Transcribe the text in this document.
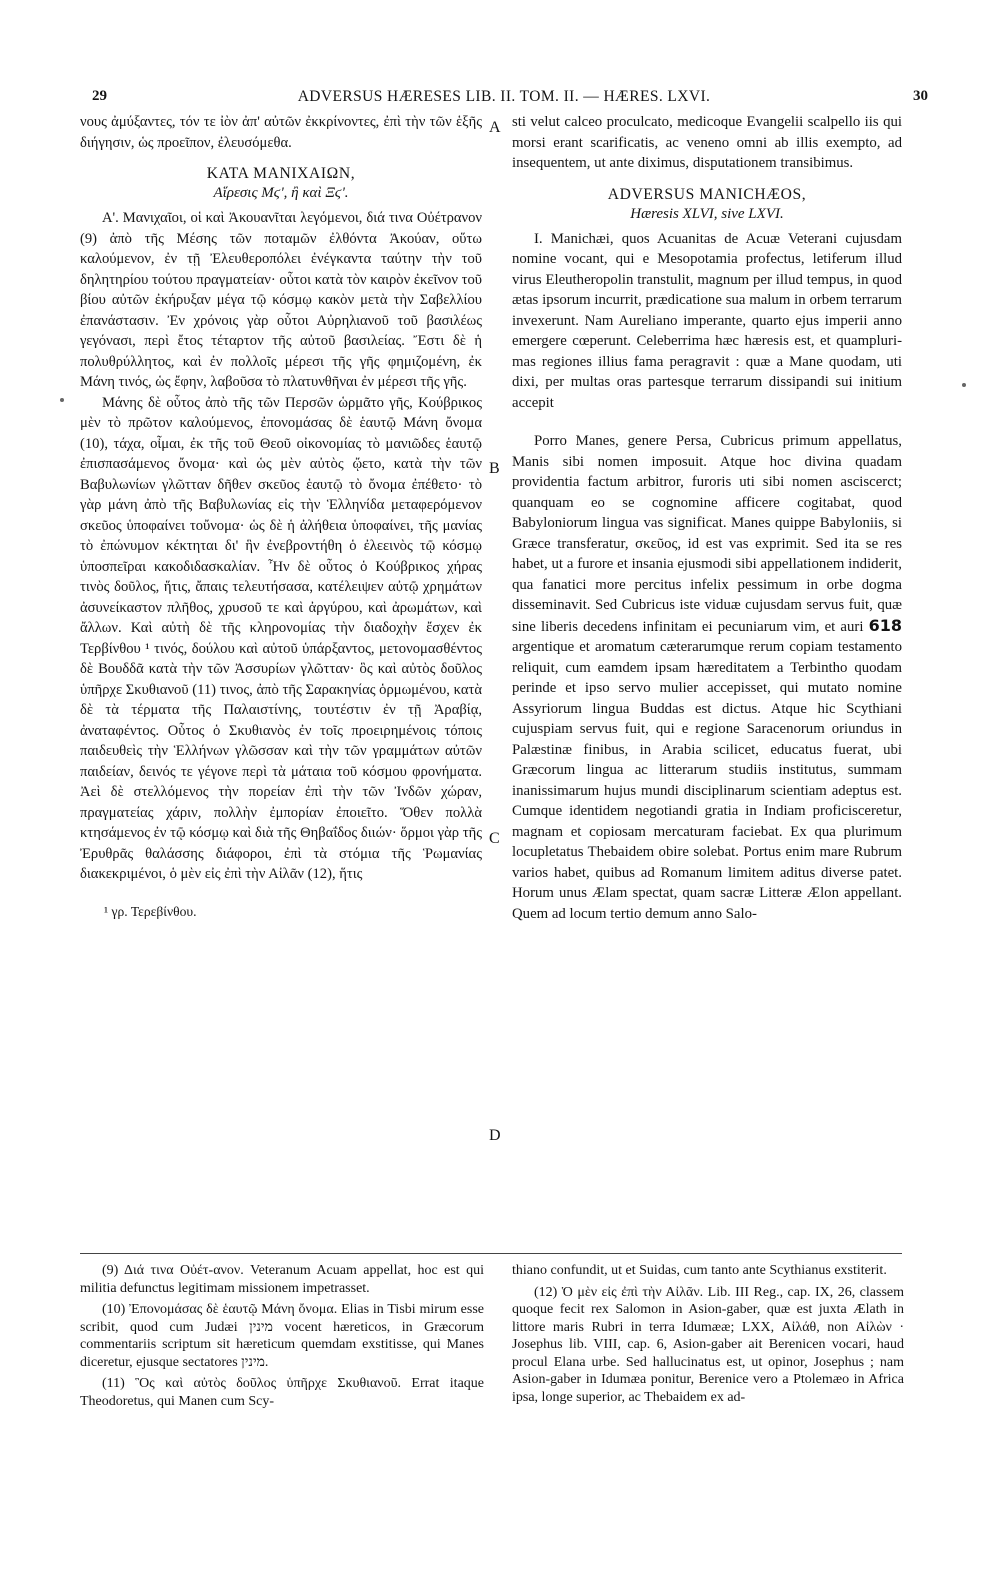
29	ADVERSUS HÆRESES LIB. II. TOM. II. — HÆRES. LXVI.	30

νους ἀμύξαντες, τόν τε ἰὸν ἀπ' αὐτῶν ἐκκρίνοντες, ἐπὶ τὴν τῶν ἑξῆς διήγησιν, ὡς προεῖπον, ἐλευσόμεθα.

ΚΑΤΑ ΜΑΝΙΧΑΙΩΝ,
Αἵρεσις Μϛ', ἢ καὶ Ξϛ'.

Α'. Μανιχαῖοι, οἱ καὶ Ἀκουανῖται λεγόμενοι, διά τινα Οὐέτρανον (9) ἀπὸ τῆς Μέσης τῶν ποταμῶν ἐλθόντα Ἀκούαν, οὕτω καλούμενον, ἐν τῇ Ἐλευθεροπόλει ἐνέγκαντα ταύτην τὴν τοῦ δηλητηρίου τούτου πραγματείαν· οὗτοι κατὰ τὸν καιρὸν ἐκεῖνον τοῦ βίου αὐτῶν ἐκήρυξαν μέγα τῷ κόσμῳ κακὸν μετὰ τὴν Σαβελλίου ἐπανάστασιν. Ἐν χρόνοις γὰρ οὗτοι Αὐρηλιανοῦ τοῦ βασιλέως γεγόνασι, περὶ ἔτος τέταρτον τῆς αὐτοῦ βασιλείας. Ἔστι δὲ ἡ πολυθρύλλητος, καὶ ἐν πολλοῖς μέρεσι τῆς γῆς φημιζομένη, ἐκ Μάνη τινός, ὡς ἔφην, λαβοῦσα τὸ πλατυνθῆναι ἐν μέρεσι τῆς γῆς.

Μάνης δὲ οὗτος ἀπὸ τῆς τῶν Περσῶν ὡρμᾶτο γῆς, Κούβρικος μὲν τὸ πρῶτον καλούμενος, ἐπονομάσας δὲ ἑαυτῷ Μάνη ὄνομα (10), τάχα, οἶμαι, ἐκ τῆς τοῦ Θεοῦ οἰκονομίας τὸ μανιῶδες ἑαυτῷ ἐπισπασάμενος ὄνομα· καὶ ὡς μὲν αὐτὸς ᾤετο, κατὰ τὴν τῶν Βαβυλωνίων γλῶτταν δῆθεν σκεῦος ἑαυτῷ τὸ ὄνομα ἐπέθετο· τὸ γὰρ μάνη ἀπὸ τῆς Βαβυλωνίας εἰς τὴν Ἑλληνίδα μεταφερόμενον σκεῦος ὑποφαίνει τοὔνομα· ὡς δὲ ἡ ἀλήθεια ὑποφαίνει, τῆς μανίας τὸ ἐπώνυμον κέκτηται δι' ἣν ἐνεβροντήθη ὁ ἐλεεινὸς τῷ κόσμῳ ὑποσπεῖραι κακοδιδασκαλίαν. Ἦν δὲ οὗτος ὁ Κούβρικος χήρας τινὸς δοῦλος, ἥτις, ἄπαις τελευτήσασα, κατέλειψεν αὐτῷ χρημάτων ἀσυνείκαστον πλῆθος, χρυσοῦ τε καὶ ἀργύρου, καὶ ἀρωμάτων, καὶ ἄλλων. Καὶ αὐτὴ δὲ τῆς κληρονομίας τὴν διαδοχὴν ἔσχεν ἐκ Τερβίνθου ¹ τινός, δούλου καὶ αὐτοῦ ὑπάρξαντος, μετονομασθέντος δὲ Βουδδᾶ κατὰ τὴν τῶν Ἀσσυρίων γλῶτταν· ὃς καὶ αὐτὸς δοῦλος ὑπῆρχε Σκυθιανοῦ (11) τινος, ἀπὸ τῆς Σαρακηνίας ὁρμωμένου, κατὰ δὲ τὰ τέρματα τῆς Παλαιστίνης, τουτέστιν ἐν τῇ Ἀραβίᾳ, ἀναταφέντος. Οὗτος ὁ Σκυθιανὸς ἐν τοῖς προειρημένοις τόποις παιδευθεὶς τὴν Ἑλλήνων γλῶσσαν καὶ τὴν τῶν γραμμάτων αὐτῶν παιδείαν, δεινός τε γέγονε περὶ τὰ μάταια τοῦ κόσμου φρονήματα. Ἀεὶ δὲ στελλόμενος τὴν πορείαν ἐπὶ τὴν τῶν Ἰνδῶν χώραν, πραγματείας χάριν, πολλὴν ἐμπορίαν ἐποιεῖτο. Ὅθεν πολλὰ κτησάμενος ἐν τῷ κόσμῳ καὶ διὰ τῆς Θηβαΐδος διιών· ὅρμοι γὰρ τῆς Ἐρυθρᾶς θαλάσσης διάφοροι, ἐπὶ τὰ στόμια τῆς Ῥωμανίας διακεκριμένοι, ὁ μὲν εἰς ἐπὶ τὴν Αἰλᾶν (12), ἥτις

¹ γρ. Τερεβίνθου.

sti velut calceo proculcato, medicoque Evangelii scalpello iis qui morsi erant scarificatis, ac veneno omni ab illis exempto, ad insequentem, ut ante diximus, disputationem transibimus.

ADVERSUS MANICHÆOS,
Hæresis XLVI, sive LXVI.

I. Manichæi, quos Acuanitas de Acuæ Veterani cujusdam nomine vocant, qui e Mesopotamia profectus, letiferum illud virus Eleutheropolin transtulit, magnum per illud tempus, in quod ætas ipsorum incurrit, prædicatione sua malum in orbem terrarum invexerunt. Nam Aureliano imperante, quarto ejus imperii anno emergere cœperunt. Celeberrima hæc hæresis est, et quamplurimas regiones illius fama peragravit : quæ a Mane quodam, uti dixi, per multas oras partesque terrarum dissipandi sui initium accepit

Porro Manes, genere Persa, Cubricus primum appellatus, Manis sibi nomen imposuit. Atque hoc divina quadam providentia factum arbitror, furoris uti sibi nomen asciscerct; quanquam eo se cognomine afficere cogitabat, quod Babyloniorum lingua vas significat. Manes quippe Babyloniis, si Græce transferatur, σκεῦος, id est vas exprimit. Sed ita se res habet, ut a furore et insania ejusmodi sibi appellationem indiderit, qua fanatici more percitus infelix pessimum in orbe dogma disseminavit. Sed Cubricus iste viduæ cujusdam servus fuit, quæ sine liberis decedens infinitam ei pecuniarum vim, et auri 618 argentique et aromatum cæterarumque rerum copiam testamento reliquit, cum eamdem ipsam hæreditatem a Terbintho quodam perinde et ipso servo mulier accepisset, qui mutato nomine Assyriorum lingua Buddas est dictus. Atque hic Scythiani cujuspiam servus fuit, qui e regione Saracenorum oriundus in Palæstinæ finibus, in Arabia scilicet, educatus fuerat, ubi Græcorum lingua ac litterarum studiis institutus, summam inanissimarum hujus mundi disciplinarum scientiam adeptus est. Cumque identidem negotiandi gratia in Indiam proficisceretur, magnam et copiosam mercaturam faciebat. Ex qua plurimum locupletatus Thebaidem obire solebat. Portus enim mare Rubrum varios habet, quibus ad Romanum limitem aditus diverse patet. Horum unus Ælam spectat, quam sacræ Litteræ Ælon appellant. Quem ad locum tertio demum anno Salo-

A
B
C
D

(9) Διά τινα Οὐέτ-ανον. Veteranum Acuam appellat, hoc est qui militia defunctus legitimam missionem impetrasset.

(10) Ἐπονομάσας δὲ ἑαυτῷ Μάνη ὄνομα. Elias in Tisbi mirum esse scribit, quod cum Judæi מינין vocent hæreticos, in Græcorum commentariis scriptum sit hæreticum quemdam exstitisse, qui Manes diceretur, ejusque sectatores מינין.

(11) Ὃς καὶ αὐτὸς δοῦλος ὑπῆρχε Σκυθιανοῦ. Errat itaque Theodoretus, qui Manen cum Scy-

thiano confundit, ut et Suidas, cum tanto ante Scythianus exstiterit.

(12) Ὁ μὲν εἰς ἐπὶ τὴν Αἰλᾶν. Lib. III Reg., cap. IX, 26, classem quoque fecit rex Salomon in Asion-gaber, quæ est juxta Ælath in littore maris Rubri in terra Idumææ; LXX, Αἰλάθ, non Αἰλὼν · Josephus lib. VIII, cap. 6, Asion-gaber ait Berenicen vocari, haud procul Elana urbe. Sed hallucinatus est, ut opinor, Josephus ; nam Asion-gaber in Idumæa ponitur, Berenice vero a Ptolemæo in Africa ipsa, longe superior, ac Thebaidem ex ad-
